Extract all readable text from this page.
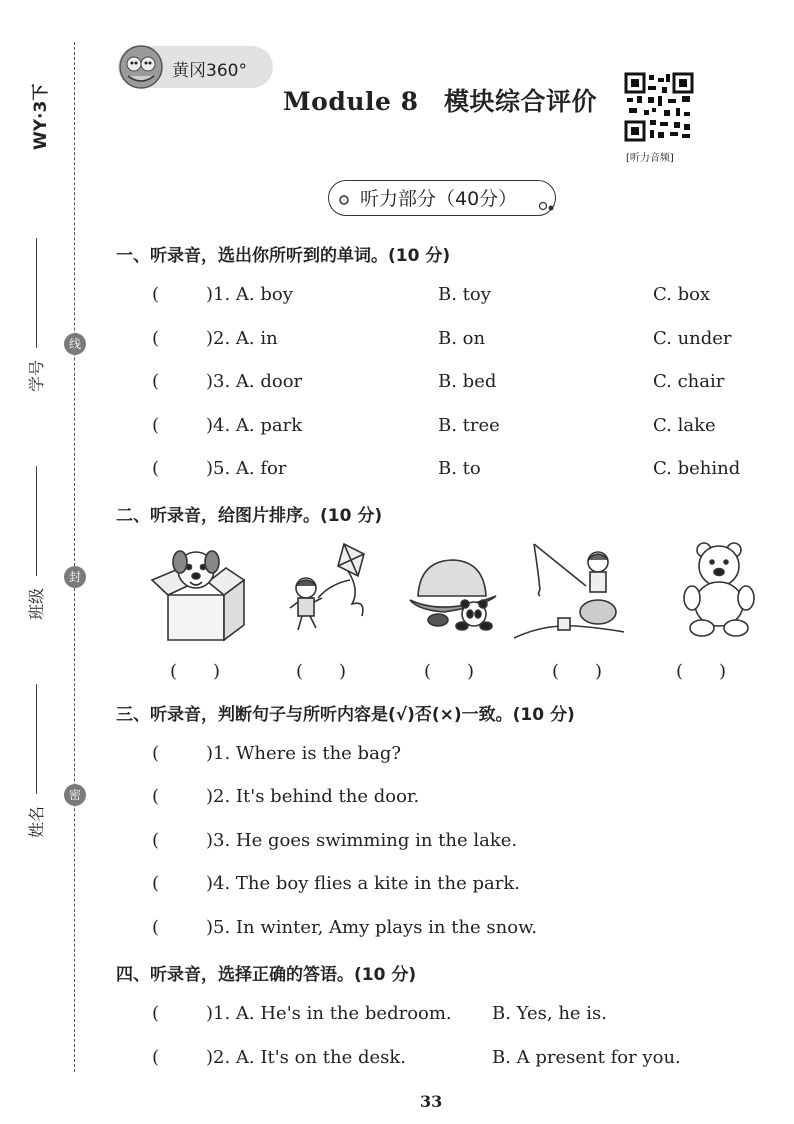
WY·3下
学号
线
班级
封
姓名
密
黄冈360°
Module 8　模块综合评价
[听力音频]
听力部分（40分）
一、听录音，选出你所听到的单词。(10 分)
(	)1. A. boy	B. toy	C. box
(	)2. A. in	B. on	C. under
(	)3. A. door	B. bed	C. chair
(	)4. A. park	B. tree	C. lake
(	)5. A. for	B. to	C. behind
二、听录音，给图片排序。(10 分)
(　　)	(　　)	(　　)	(　　)	(　　)
三、听录音，判断句子与所听内容是(√)否(×)一致。(10 分)
(	)1. Where is the bag?
(	)2. It's behind the door.
(	)3. He goes swimming in the lake.
(	)4. The boy flies a kite in the park.
(	)5. In winter, Amy plays in the snow.
四、听录音，选择正确的答语。(10 分)
(	)1. A. He's in the bedroom. B. Yes, he is.
(	)2. A. It's on the desk.	B. A present for you.
33
